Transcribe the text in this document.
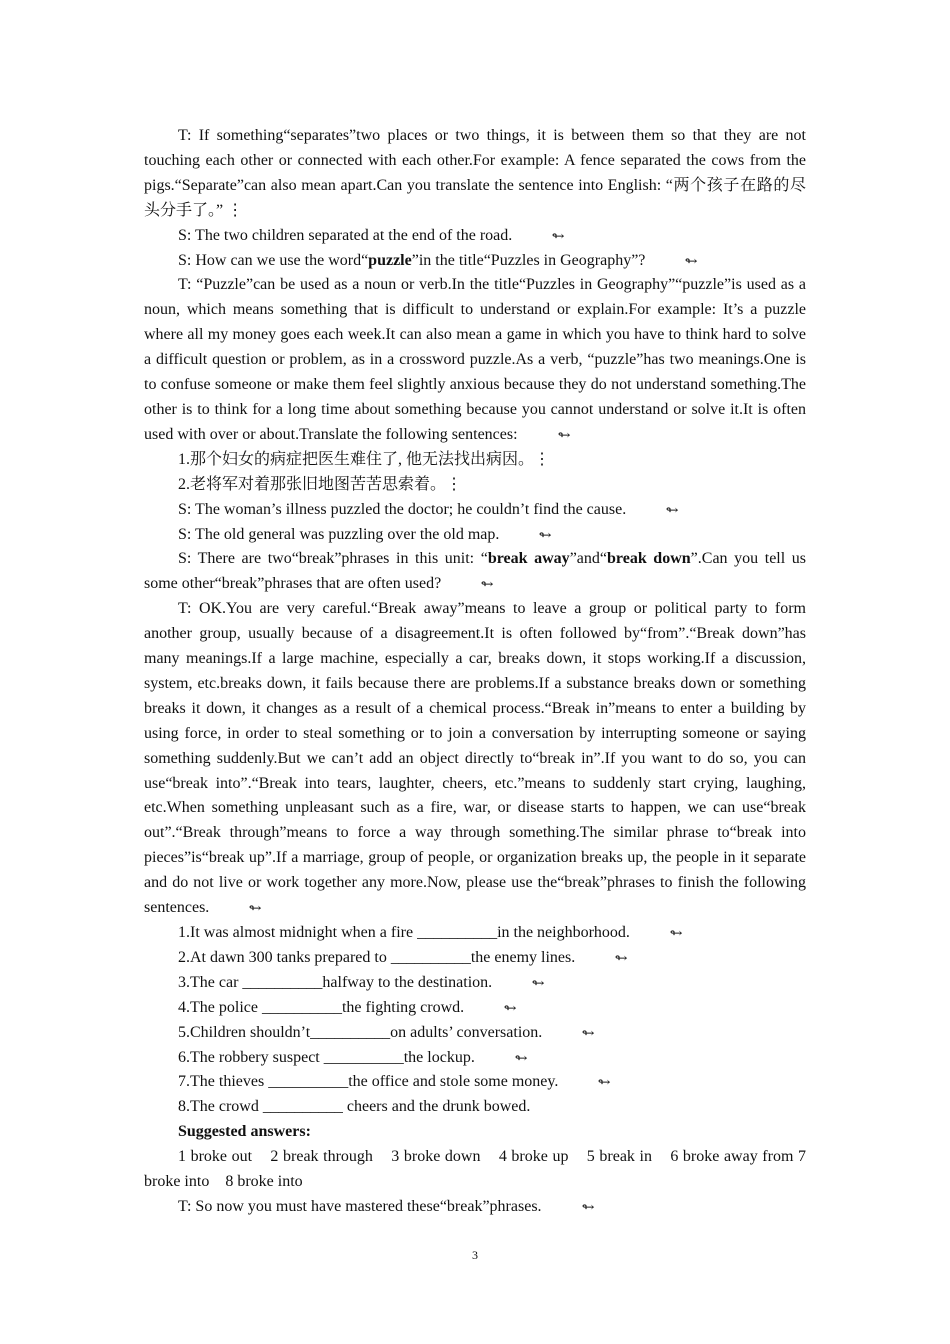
T: If something“separates”two places or two things, it is between them so that they are not touching each other or connected with each other.For example: A fence separated the cows from the pigs.“Separate”can also mean apart.Can you translate the sentence into English: “两个孩子在路的尽头分手了。” ⋮

S: The two children separated at the end of the road.	↬

S: How can we use the word“puzzle”in the title“Puzzles in Geography”?	↬

T: “Puzzle”can be used as a noun or verb.In the title“Puzzles in Geography”“puzzle”is used as a noun, which means something that is difficult to understand or explain.For example: It’s a puzzle where all my money goes each week.It can also mean a game in which you have to think hard to solve a difficult question or problem, as in a crossword puzzle.As a verb, “puzzle”has two meanings.One is to confuse someone or make them feel slightly anxious because they do not understand something.The other is to think for a long time about something because you cannot understand or solve it.It is often used with over or about.Translate the following sentences:	↬

1.那个妇女的病症把医生难住了, 他无法找出病因。⋮

2.老将军对着那张旧地图苦苦思索着。⋮

S: The woman’s illness puzzled the doctor; he couldn’t find the cause.	↬

S: The old general was puzzling over the old map.	↬

S: There are two“break”phrases in this unit: “break away”and“break down”.Can you tell us some other“break”phrases that are often used?	↬

T: OK.You are very careful.“Break away”means to leave a group or political party to form another group, usually because of a disagreement.It is often followed by“from”.“Break down”has many meanings.If a large machine, especially a car, breaks down, it stops working.If a discussion, system, etc.breaks down, it fails because there are problems.If a substance breaks down or something breaks it down, it changes as a result of a chemical process.“Break in”means to enter a building by using force, in order to steal something or to join a conversation by interrupting someone or saying something suddenly.But we can’t add an object directly to“break in”.If you want to do so, you can use“break into”.“Break into tears, laughter, cheers, etc.”means to suddenly start crying, laughing, etc.When something unpleasant such as a fire, war, or disease starts to happen, we can use“break out”.“Break through”means to force a way through something.The similar phrase to“break into pieces”is“break up”.If a marriage, group of people, or organization breaks up, the people in it separate and do not live or work together any more.Now, please use the“break”phrases to finish the following sentences.	↬

1.It was almost midnight when a fire __________in the neighborhood.	↬

2.At dawn 300 tanks prepared to __________the enemy lines.	↬

3.The car __________halfway to the destination.	↬

4.The police __________the fighting crowd.	↬

5.Children shouldn’t__________on adults’ conversation.	↬

6.The robbery suspect __________the lockup.	↬

7.The thieves __________the office and stole some money.	↬

8.The crowd __________ cheers and the drunk bowed.

Suggested answers:

1 broke out    2 break through    3 broke down    4 broke up    5 break in    6 broke away from 7 broke into    8 broke into

T: So now you must have mastered these“break”phrases.	↬

3
